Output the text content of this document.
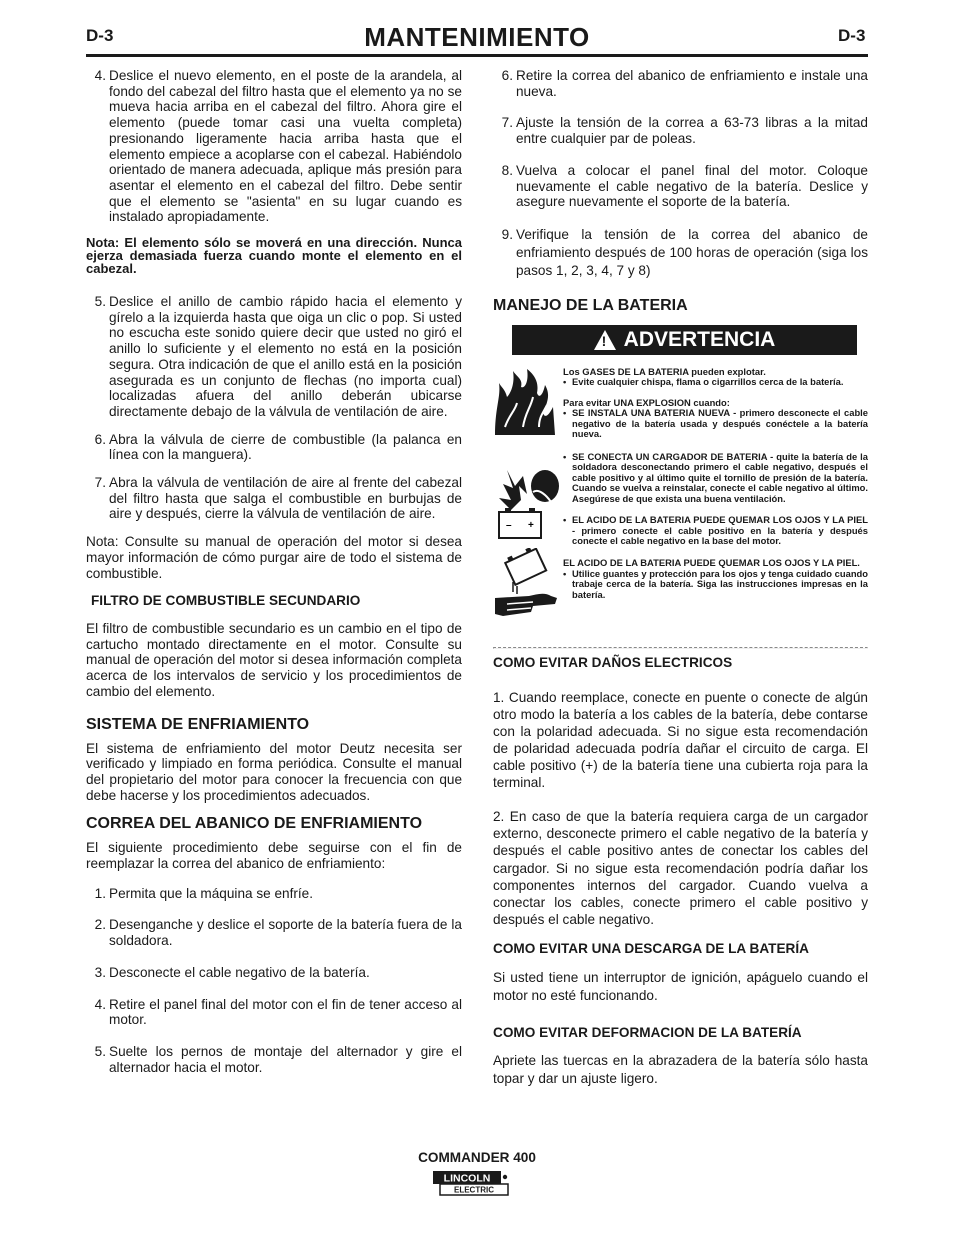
D-3	MANTENIMIENTO	D-3
4. Deslice el nuevo elemento, en el poste de la arandela, al fondo del cabezal del filtro hasta que el elemento ya no se mueva hacia arriba en el cabezal del filtro. Ahora gire el elemento (puede tomar casi una vuelta completa) presionando ligeramente hacia arriba hasta que el elemento empiece a acoplarse con el cabezal. Habiéndolo orientado de manera adecuada, aplique más presión para asentar el elemento en el cabezal del filtro. Debe sentir que el elemento se "asienta" en su lugar cuando es instalado apropiadamente.
Nota: El elemento sólo se moverá en una dirección. Nunca ejerza demasiada fuerza cuando monte el elemento en el cabezal.
5. Deslice el anillo de cambio rápido hacia el elemento y gírelo a la izquierda hasta que oiga un clic o pop. Si usted no escucha este sonido quiere decir que usted no giró el anillo lo suficiente y el elemento no está en la posición segura. Otra indicación de que el anillo está en la posición asegurada es un conjunto de flechas (no importa cual) localizadas afuera del anillo deberán ubicarse directamente debajo de la válvula de ventilación de aire.
6. Abra la válvula de cierre de combustible (la palanca en línea con la manguera).
7. Abra la válvula de ventilación de aire al frente del cabezal del filtro hasta que salga el combustible en burbujas de aire y después, cierre la válvula de ventilación de aire.
Nota: Consulte su manual de operación del motor si desea mayor información de cómo purgar aire de todo el sistema de combustible.
FILTRO DE COMBUSTIBLE SECUNDARIO
El filtro de combustible secundario es un cambio en el tipo de cartucho montado directamente en el motor. Consulte su manual de operación del motor si desea información completa acerca de los intervalos de servicio y los procedimientos de cambio del elemento.
SISTEMA DE ENFRIAMIENTO
El sistema de enfriamiento del motor Deutz necesita ser verificado y limpiado en forma periódica. Consulte el manual del propietario del motor para conocer la frecuencia con que debe hacerse y los procedimientos adecuados.
CORREA DEL ABANICO DE ENFRIAMIENTO
El siguiente procedimiento debe seguirse con el fin de reemplazar la correa del abanico de enfriamiento:
1. Permita que la máquina se enfríe.
2. Desenganche y deslice el soporte de la batería fuera de la soldadora.
3. Desconecte el cable negativo de la batería.
4. Retire el panel final del motor con el fin de tener acceso al motor.
5. Suelte los pernos de montaje del alternador y gire el alternador hacia el motor.
6. Retire la correa del abanico de enfriamiento e instale una nueva.
7. Ajuste la tensión de la correa a 63-73 libras a la mitad entre cualquier par de poleas.
8. Vuelva a colocar el panel final del motor. Coloque nuevamente el cable negativo de la batería. Deslice y asegure nuevamente el soporte de la batería.
9. Verifique la tensión de la correa del abanico de enfriamiento después de 100 horas de operación (siga los pasos 1, 2, 3, 4, 7 y 8)
MANEJO DE LA BATERIA
! ADVERTENCIA
Los GASES DE LA BATERIA pueden explotar.
• Evite cualquier chispa, flama o cigarrillos cerca de la batería.
Para evitar UNA EXPLOSION cuando:
• SE INSTALA UNA BATERIA NUEVA - primero desconecte el cable negativo de la batería usada y después conéctele a la batería nueva.
– +
• SE CONECTA UN CARGADOR DE BATERIA - quite la batería de la soldadora desconectando primero el cable negativo, después el cable positivo y al último quite el tornillo de presión de la batería. Cuando se vuelva a reinstalar, conecte el cable negativo al último. Asegúrese de que exista una buena ventilación.
• EL ACIDO DE LA BATERIA PUEDE QUEMAR LOS OJOS Y LA PIEL - primero conecte el cable positivo en la batería y después conecte el cable negativo en la base del motor.
EL ACIDO DE LA BATERIA PUEDE QUEMAR LOS OJOS Y LA PIEL.
• Utilice guantes y protección para los ojos y tenga cuidado cuando trabaje cerca de la batería. Siga las instrucciones impresas en la batería.
COMO EVITAR DAÑOS ELECTRICOS
1. Cuando reemplace, conecte en puente o conecte de algún otro modo la batería a los cables de la batería, debe contarse con la polaridad adecuada. Si no sigue esta recomendación de polaridad adecuada podría dañar el circuito de carga. El cable positivo (+) de la batería tiene una cubierta roja para la terminal.
2. En caso de que la batería requiera carga de un cargador externo, desconecte primero el cable negativo de la batería y después el cable positivo antes de conectar los cables del cargador. Si no sigue esta recomendación podría dañar los componentes internos del cargador. Cuando vuelva a conectar los cables, conecte primero el cable positivo y después el cable negativo.
COMO EVITAR UNA DESCARGA DE LA BATERÍA
Si usted tiene un interruptor de ignición, apáguelo cuando el motor no esté funcionando.
COMO EVITAR DEFORMACION DE LA BATERÍA
Apriete las tuercas en la abrazadera de la batería sólo hasta topar y dar un ajuste ligero.
COMMANDER 400
LINCOLN
ELECTRIC
